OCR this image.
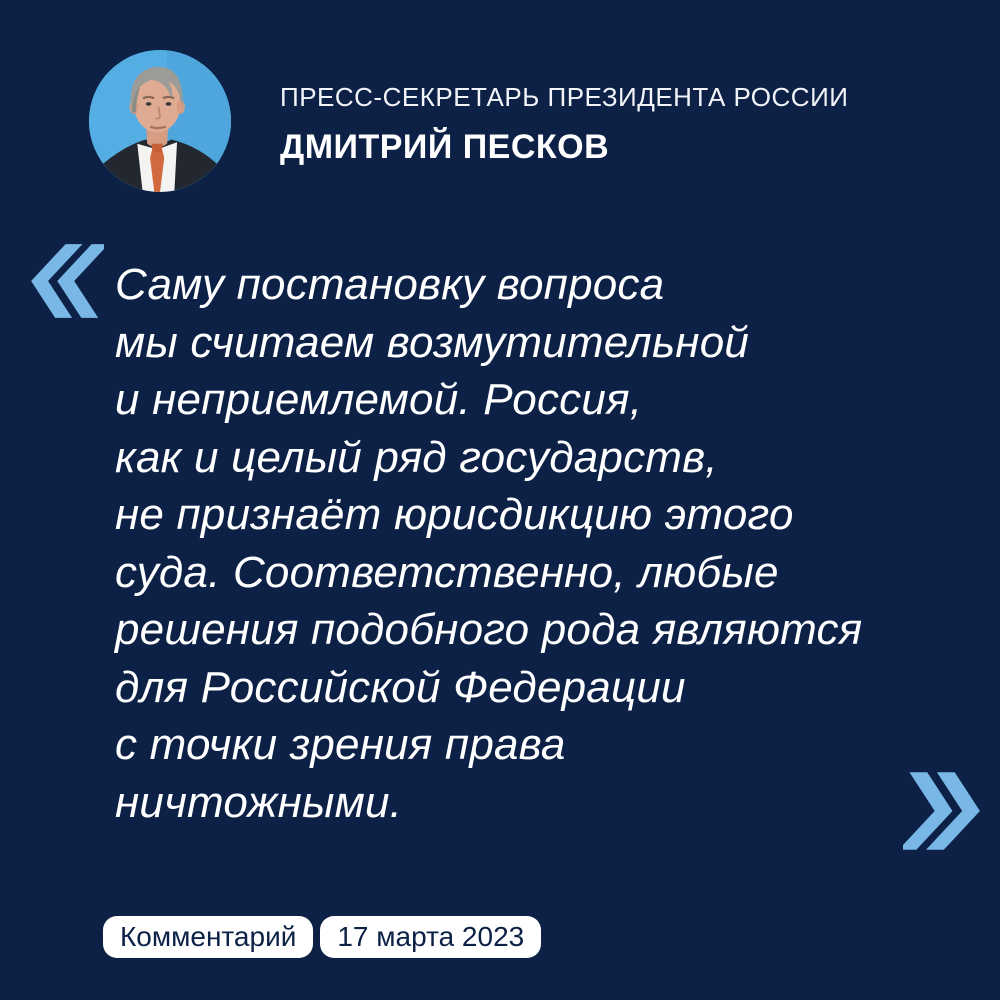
ПРЕСС-СЕКРЕТАРЬ ПРЕЗИДЕНТА РОССИИ
ДМИТРИЙ ПЕСКОВ
Саму постановку вопроса
мы считаем возмутительной
и неприемлемой. Россия,
как и целый ряд государств,
не признаёт юрисдикцию этого
суда. Соответственно, любые
решения подобного рода являются
для Российской Федерации
с точки зрения права
ничтожными.
Комментарий	17 марта 2023
